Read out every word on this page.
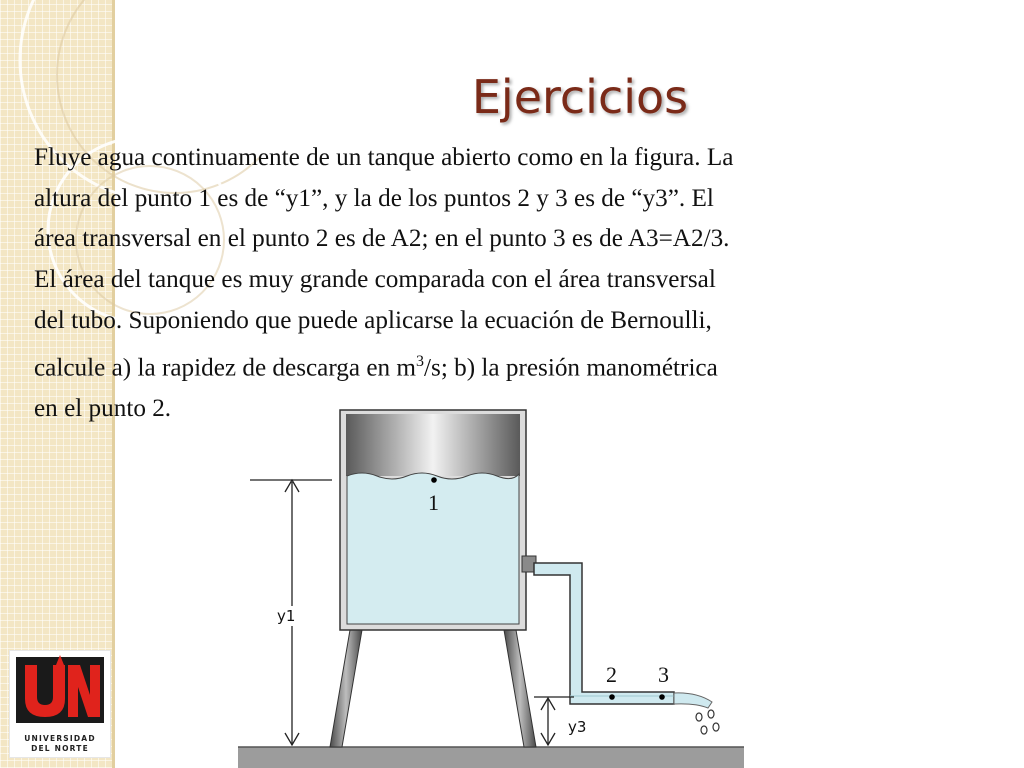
Ejercicios

Fluye agua continuamente de un tanque abierto como en la figura. La
altura del punto 1 es de “y1”, y la de los puntos 2 y 3 es de “y3”. El
área transversal en el punto 2 es de A2; en el punto 3 es de A3=A2/3.
El área del tanque es muy grande comparada con el área transversal
del tubo. Suponiendo que puede aplicarse la ecuación de Bernoulli,
calcule a) la rapidez de descarga en $m^3/s$; b) la presión manométrica
en el punto 2.

1
2 3
y1
y3
UNIVERSIDAD
DEL NORTE
